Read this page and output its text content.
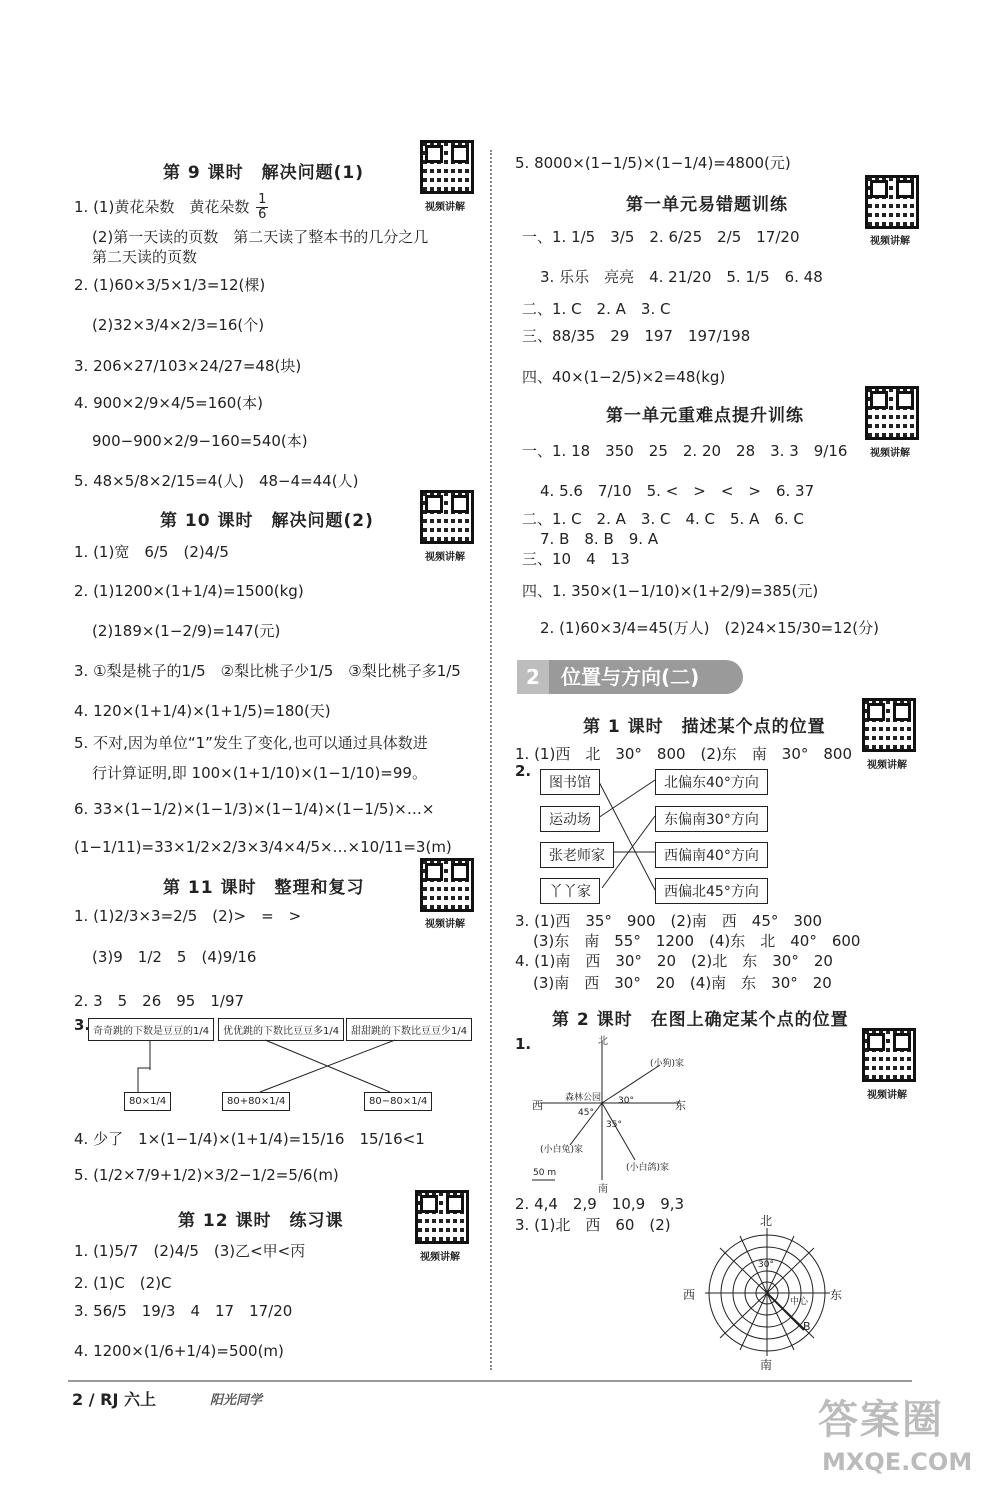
第 9 课时　解决问题(1)
视频讲解
1. (1)黄花朵数　黄花朵数 $\frac{1}{6}$
(2)第一天读的页数　第二天读了整本书的几分之几
第二天读的页数
2. (1)60×3/5×1/3=12(棵)
(2)32×3/4×2/3=16(个)
3. 206×27/103×24/27=48(块)
4. 900×2/9×4/5=160(本)
900−900×2/9−160=540(本)
5. 48×5/8×2/15=4(人)　48−4=44(人)
第 10 课时　解决问题(2)
视频讲解
1. (1)宽　6/5　(2)4/5
2. (1)1200×(1+1/4)=1500(kg)
(2)189×(1−2/9)=147(元)
3. ①梨是桃子的1/5　②梨比桃子少1/5　③梨比桃子多1/5
4. 120×(1+1/4)×(1+1/5)=180(天)
5. 不对,因为单位“1”发生了变化,也可以通过具体数进
行计算证明,即 100×(1+1/10)×(1−1/10)=99。
6. 33×(1−1/2)×(1−1/3)×(1−1/4)×(1−1/5)×…×
(1−1/11)=33×1/2×2/3×3/4×4/5×…×10/11=3(m)
第 11 课时　整理和复习
视频讲解
1. (1)2/3×3=2/5　(2)>　=　>
(3)9　1/2　5　(4)9/16
2. 3　5　26　95　1/97
3. 奇奇跳的下数是豆豆的1/4	优优跳的下数比豆豆多1/4	甜甜跳的下数比豆豆少1/4
80×1/4	80+80×1/4	80−80×1/4
4. 少了　1×(1−1/4)×(1+1/4)=15/16　15/16<1
5. (1/2×7/9+1/2)×3/2−1/2=5/6(m)
第 12 课时　练习课
视频讲解
1. (1)5/7　(2)4/5　(3)乙<甲<丙
2. (1)C　(2)C
3. 56/5　19/3　4　17　17/20
4. 1200×(1/6+1/4)=500(m)
5. 8000×(1−1/5)×(1−1/4)=4800(元)
第一单元易错题训练
视频讲解
一、1. 1/5　3/5　2. 6/25　2/5　17/20
3. 乐乐　亮亮　4. 21/20　5. 1/5　6. 48
二、1. C　2. A　3. C
三、88/35　29　197　197/198
四、40×(1−2/5)×2=48(kg)
第一单元重难点提升训练
视频讲解
一、1. 18　350　25　2. 20　28　3. 3　9/16
4. 5.6　7/10　5. <　>　<　>　6. 37
二、1. C　2. A　3. C　4. C　5. A　6. C
7. B　8. B　9. A
三、10　4　13
四、1. 350×(1−1/10)×(1+2/9)=385(元)
2. (1)60×3/4=45(万人)　(2)24×15/30=12(分)
2 位置与方向(二)
第 1 课时　描述某个点的位置
视频讲解
1. (1)西　北　30°　800　(2)东　南　30°　800
2.
图书馆
运动场
张老师家
丫丫家
北偏东40°方向
东偏南30°方向
西偏南40°方向
西偏北45°方向
3. (1)西　35°　900　(2)南　西　45°　300
(3)东　南　55°　1200　(4)东　北　40°　600
4. (1)南　西　30°　20　(2)北　东　30°　20
(3)南　西　30°　20　(4)南　东　30°　20
第 2 课时　在图上确定某个点的位置
视频讲解
1.	北
南
东
西
森林公园
(小狗)家
(小白兔)家
(小白鸽)家
30°
45°
35°
50 m
2. 4,4　2,9　10,9　9,3
3. (1)北　西　60　(2)	北
南
东
西
30°
中心
B
2 / RJ 六上	阳光同学	答案圈
MXQE.COM
